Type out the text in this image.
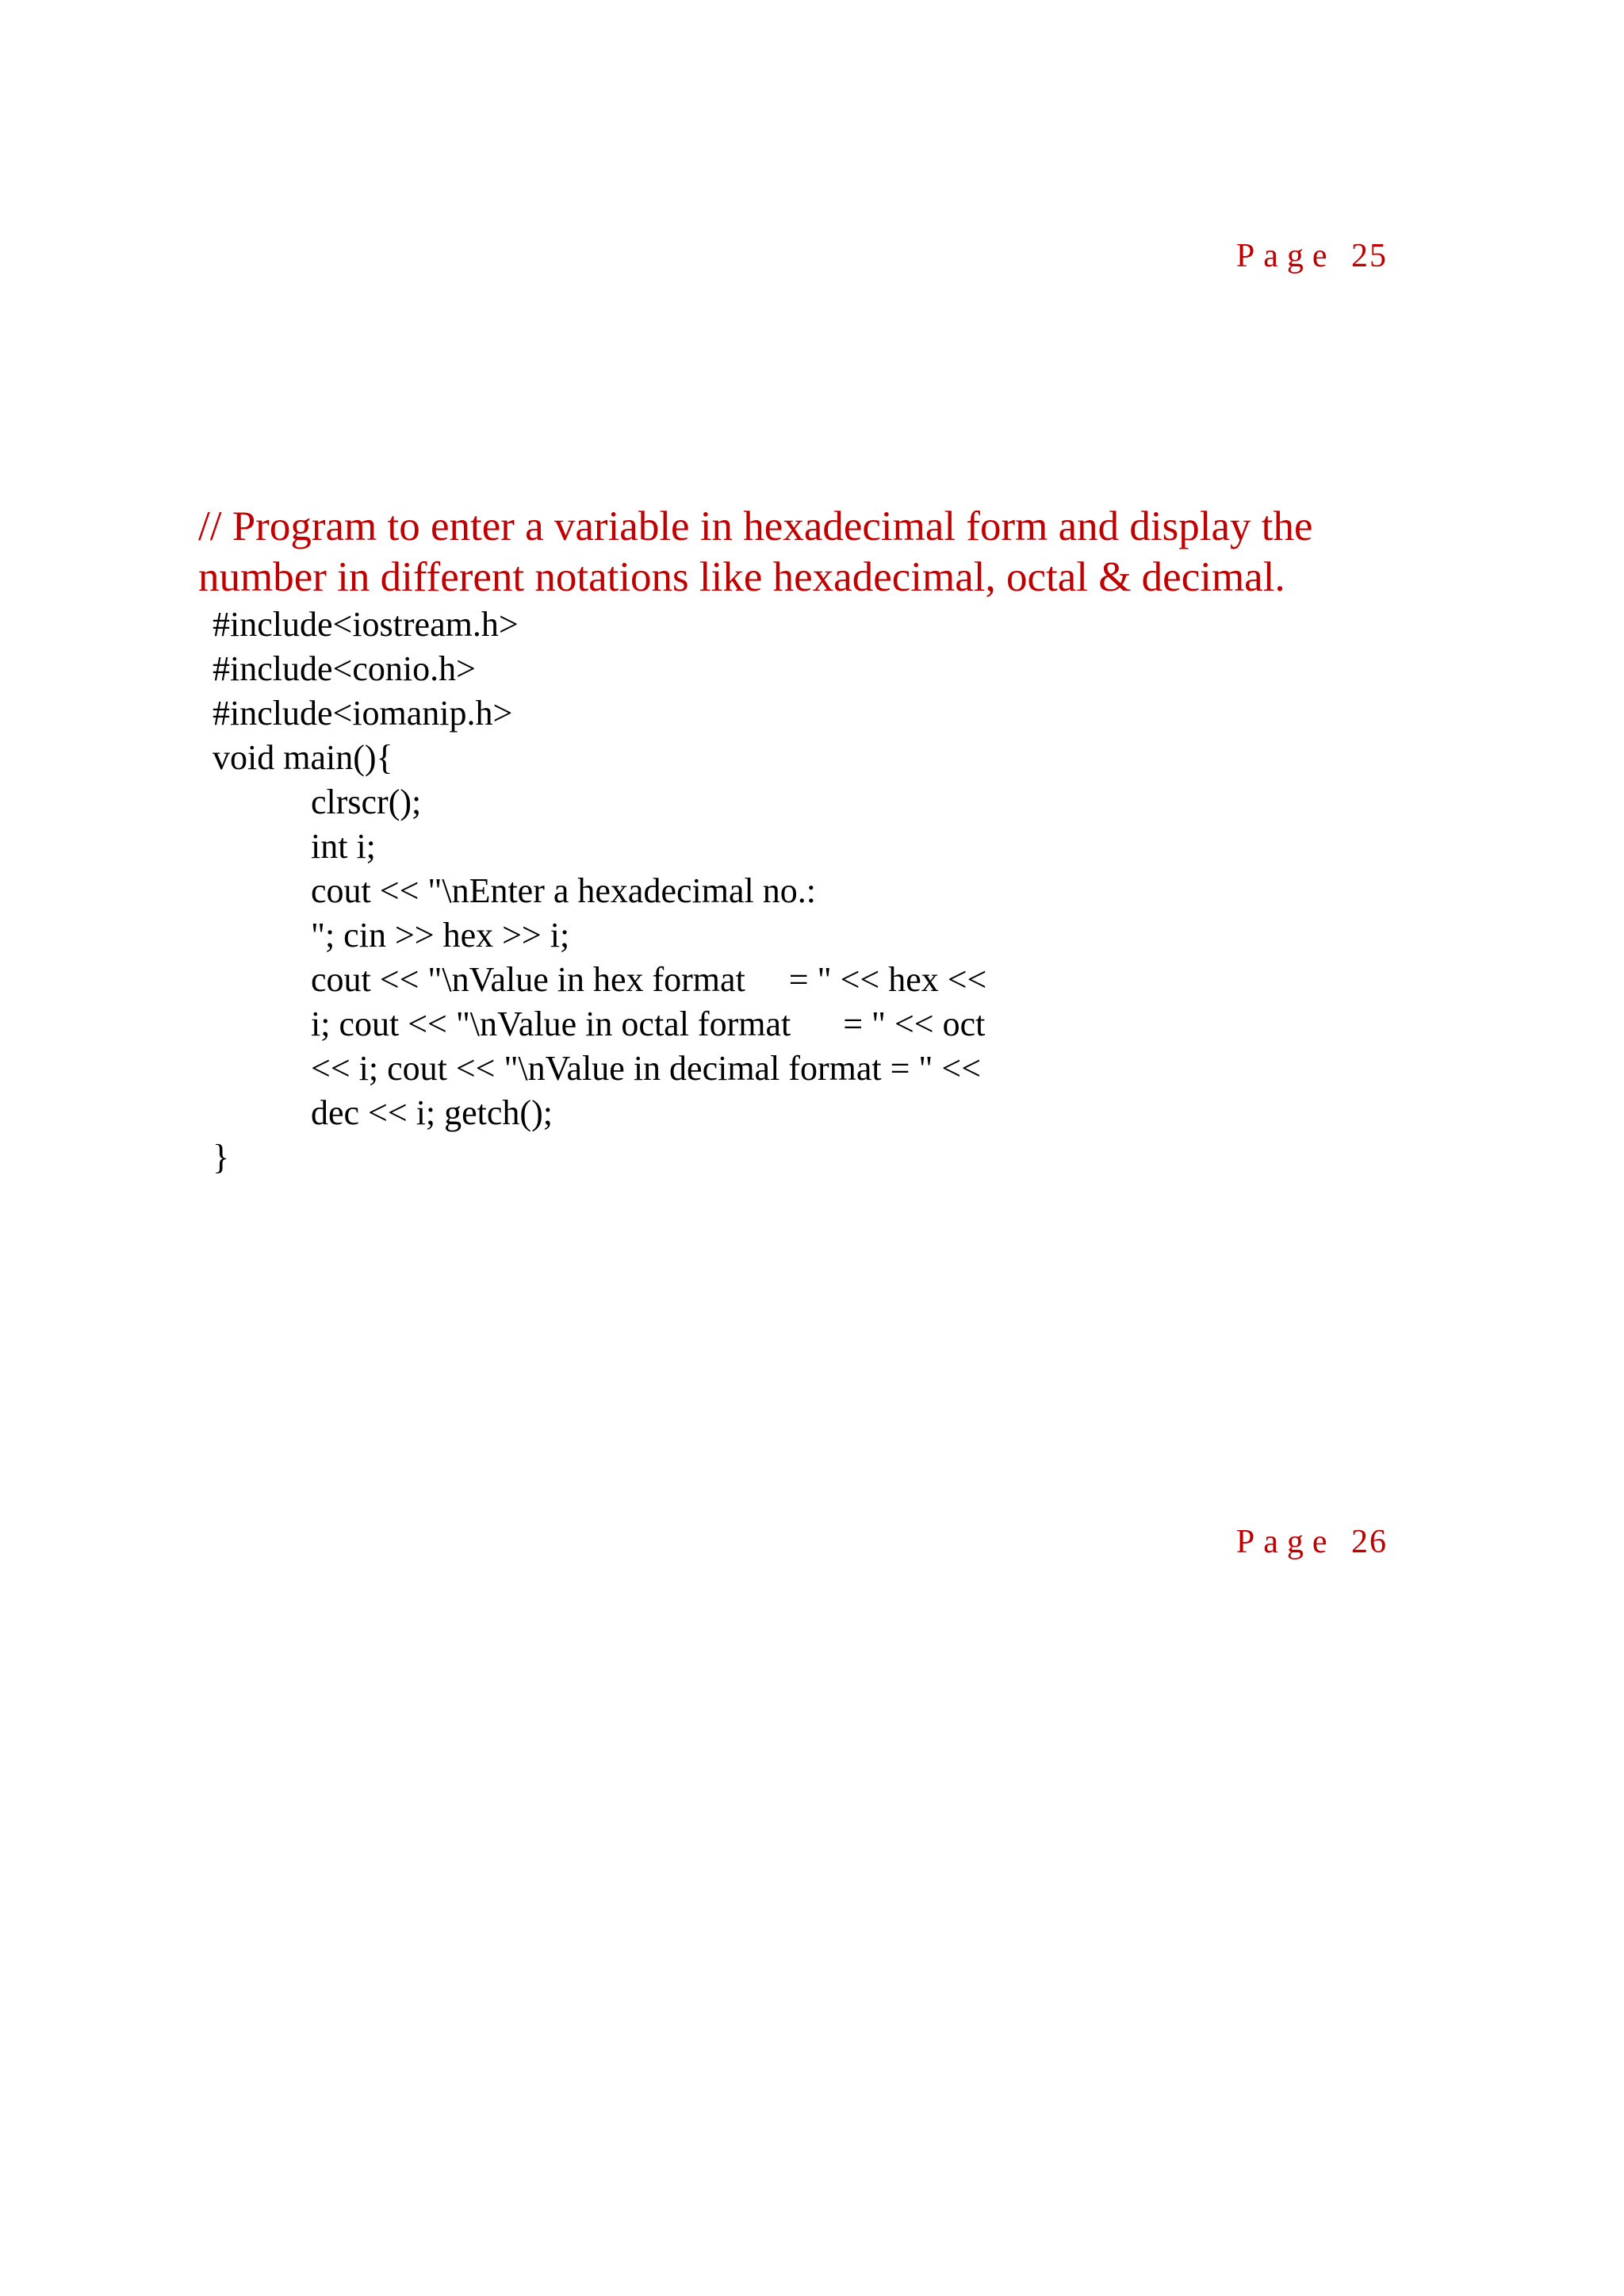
Page 25
// Program to enter a variable in hexadecimal form and display the
number in different notations like hexadecimal, octal & decimal.
#include<iostream.h>
#include<conio.h>
#include<iomanip.h>
void main(){
clrscr();
int i;
cout << "\nEnter a hexadecimal no.:
"; cin >> hex >> i;
cout << "\nValue in hex format     = " << hex <<
i; cout << "\nValue in octal format      = " << oct
<< i; cout << "\nValue in decimal format = " <<
dec << i; getch();
}
Page 26
